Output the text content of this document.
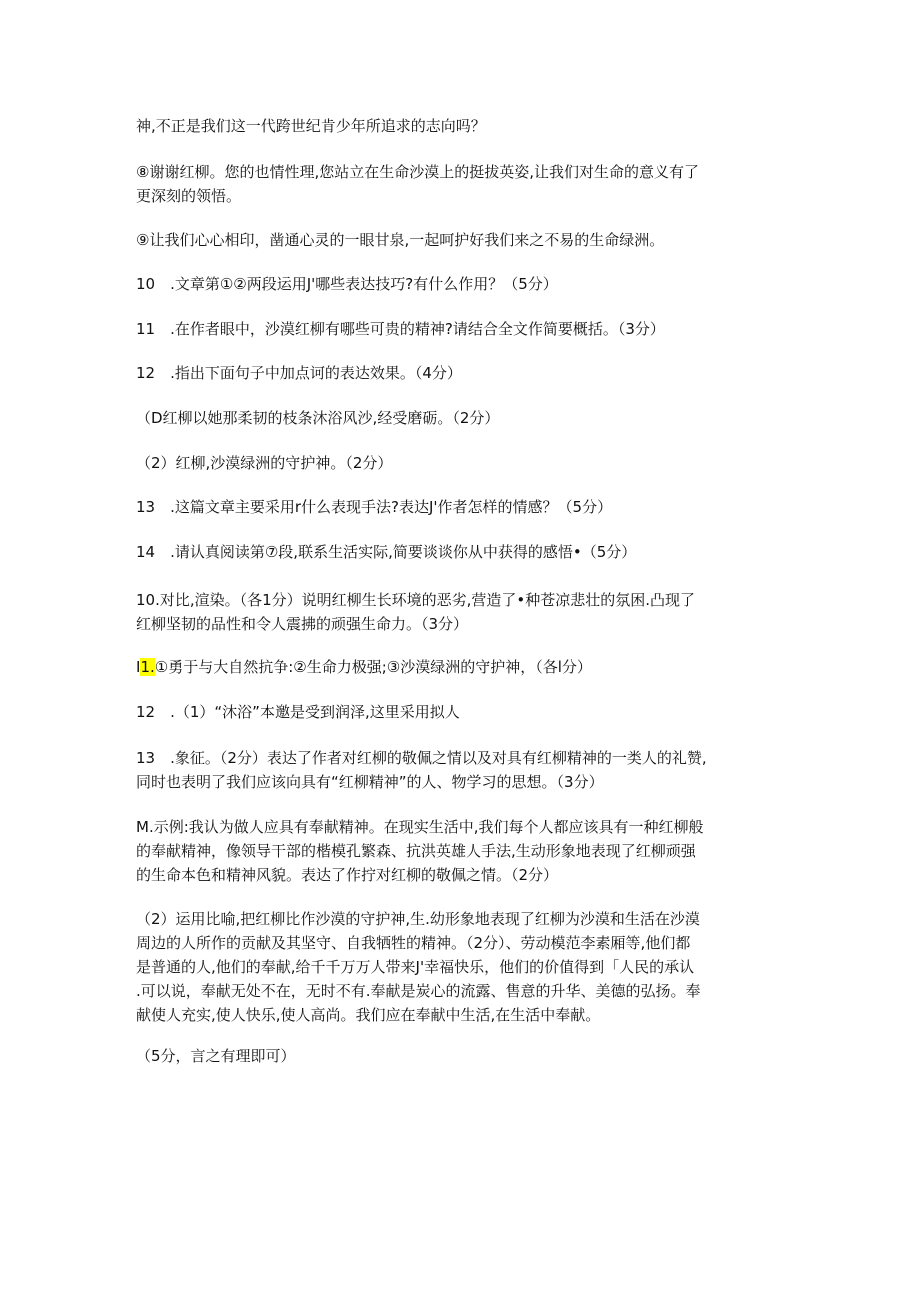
神,不正是我们这一代跨世纪肯少年所追求的志向吗？
⑧谢谢红柳。您的也情性理,您站立在生命沙漠上的挺拔英姿,让我们对生命的意义有了
更深刻的领悟。
⑨让我们心心相印，凿通心灵的一眼甘泉,一起呵护好我们来之不易的生命绿洲。
10　.文章第①②两段运用J'哪些表达技巧?有什么作用？（5分）
11　.在作者眼中，沙漠红柳有哪些可贵的精神?请结合全文作简要概括。（3分）
12　.指出下面句子中加点诃的表达效果。（4分）
（D红柳以她那柔韧的枝条沐浴风沙,经受磨砺。（2分）
（2）红柳,沙漠绿洲的守护神。（2分）
13　.这篇文章主要采用r什么表现手法?表达J'作者怎样的情感？（5分）
14　.请认真阅读第⑦段,联系生活实际,简要谈谈你从中获得的感悟•（5分）
10.对比,渲染。（各1分）说明红柳生长环境的恶劣,营造了•种苍凉悲壮的氛困.凸现了
红柳坚韧的品性和令人震拂的顽强生命力。（3分）
I1.①勇于与大自然抗争:②生命力极强;③沙漠绿洲的守护神，（各l分）
12　.（1）“沐浴”本邀是受到润泽,这里采用拟人
13　.象征。（2分）表达了作者对红柳的敬佩之情以及对具有红柳精神的一类人的礼赞,
同时也表明了我们应该向具有“红柳精神”的人、物学习的思想。（3分）
M.示例:我认为做人应具有奉献精神。在现实生活中,我们每个人都应该具有一种红柳般
的奉献精神，像领导干部的楷模孔繁森、抗洪英雄人手法,生动形象地表现了红柳顽强
的生命本色和精神风貌。表达了作拧对红柳的敬佩之情。（2分）
（2）运用比喻,把红柳比作沙漠的守护神,生.幼形象地表现了红柳为沙漠和生活在沙漠
周边的人所作的贡献及其坚守、自我牺牲的精神。（2分）、劳动模范李素厢等,他们都
是普通的人,他们的奉献,给千千万万人带来J'幸福快乐，他们的价值得到「人民的承认
.可以说，奉献无处不在，无时不有.奉献是炭心的流露、售意的升华、美德的弘扬。奉
献使人充实,使人快乐,使人高尚。我们应在奉献中生活,在生活中奉献。
（5分，言之有理即可）
